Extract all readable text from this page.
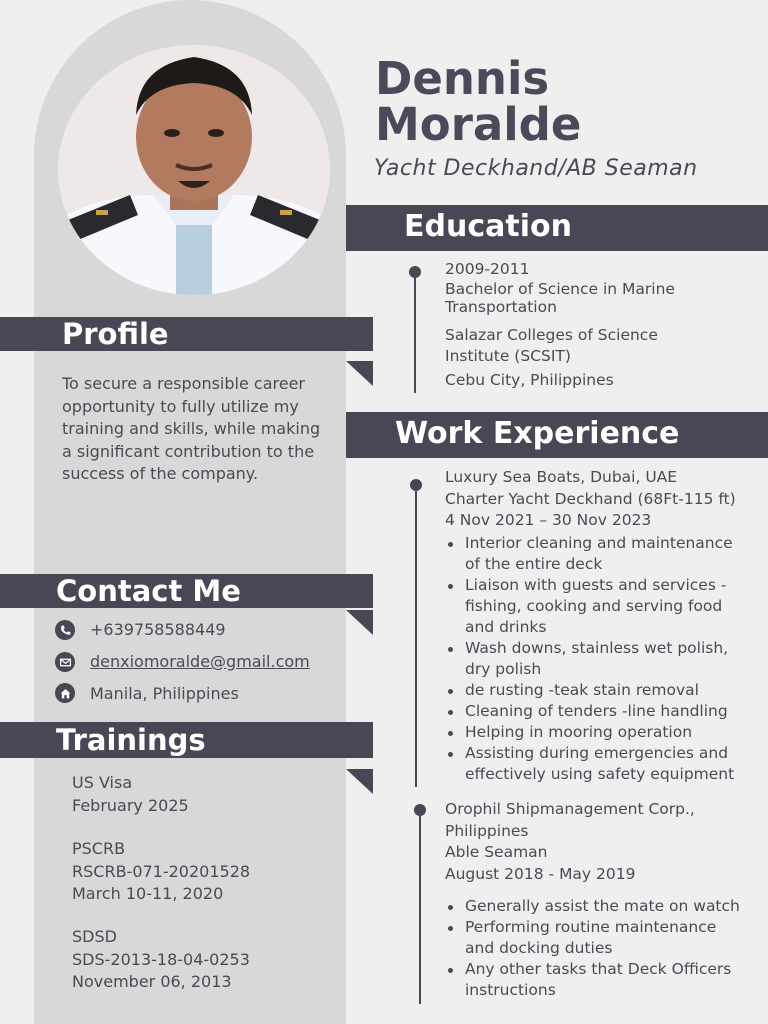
Dennis
Moralde
Yacht Deckhand/AB Seaman
Profile
To secure a responsible career opportunity to fully utilize my training and skills, while making a significant contribution to the success of the company.
Contact Me
+639758588449
denxiomoralde@gmail.com
Manila, Philippines
Trainings
US Visa
February 2025
PSCRB
RSCRB-071-20201528
March 10-11, 2020
SDSD
SDS-2013-18-04-0253
November 06, 2013
Education
2009-2011
Bachelor of Science in Marine
Transportation
Salazar Colleges of Science
Institute (SCSIT)
Cebu City, Philippines
Work Experience
Luxury Sea Boats, Dubai, UAE
Charter Yacht Deckhand (68Ft-115 ft)
4 Nov 2021 – 30 Nov 2023
Interior cleaning and maintenance of the entire deck
Liaison with guests and services - fishing, cooking and serving food and drinks
Wash downs, stainless wet polish, dry polish
de rusting -teak stain removal
Cleaning of tenders -line handling
Helping in mooring operation
Assisting during emergencies and effectively using safety equipment
Orophil Shipmanagement Corp.,
Philippines
Able Seaman
August 2018 - May 2019
Generally assist the mate on watch
Performing routine maintenance and docking duties
Any other tasks that Deck Officers instructions
